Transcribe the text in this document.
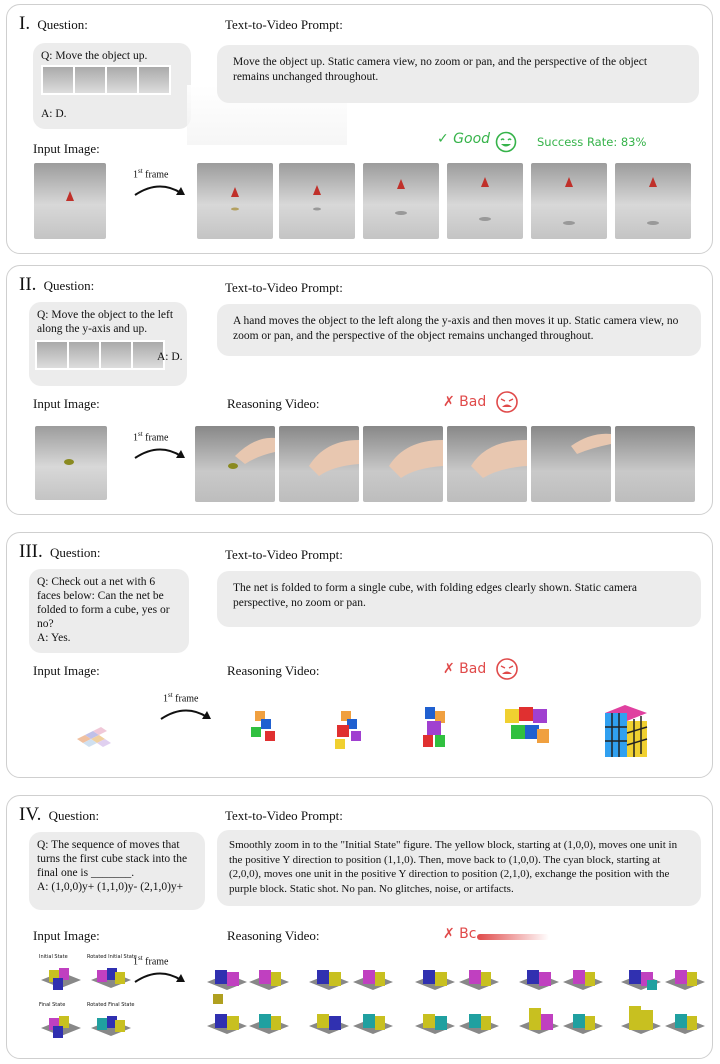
I. Question:
Q: Move the object up.
A: D.
Text-to-Video Prompt:
Move the object up. Static camera view, no zoom or pan, and the perspective of the object remains unchanged throughout.
Input Image:
1st frame
✓ Good	Success Rate: 83%
II. Question:
Q: Move the object to the left along the y-axis and up.
A: D.
Text-to-Video Prompt:
A hand moves the object to the left along the y-axis and then moves it up. Static camera view, no zoom or pan, and the perspective of the object remains unchanged throughout.
Input Image:	Reasoning Video:	✗ Bad
1st frame
III. Question:
Q: Check out a net with 6 faces below: Can the net be folded to form a cube, yes or no?
A: Yes.
Text-to-Video Prompt:
The net is folded to form a single cube, with folding edges clearly shown. Static camera perspective, no zoom or pan.
Input Image:	Reasoning Video:	✗ Bad
1st frame
IV. Question:
Q: The sequence of moves that turns the first cube stack into the final one is _______.
A: (1,0,0)y+ (1,1,0)y- (2,1,0)y+
Text-to-Video Prompt:
Smoothly zoom in to the "Initial State" figure. The yellow block, starting at (1,0,0), moves one unit in the positive Y direction to position (1,1,0). Then, move back to (1,0,0). The cyan block, starting at (2,0,0), moves one unit in the positive Y direction to position (2,1,0), exchange the position with the purple block. Static shot. No pan. No glitches, noise, or artifacts.
Input Image:	Reasoning Video:	✗ Bc
Initial State	Rotated Initial State
Final State	Rotated Final State
1st frame
